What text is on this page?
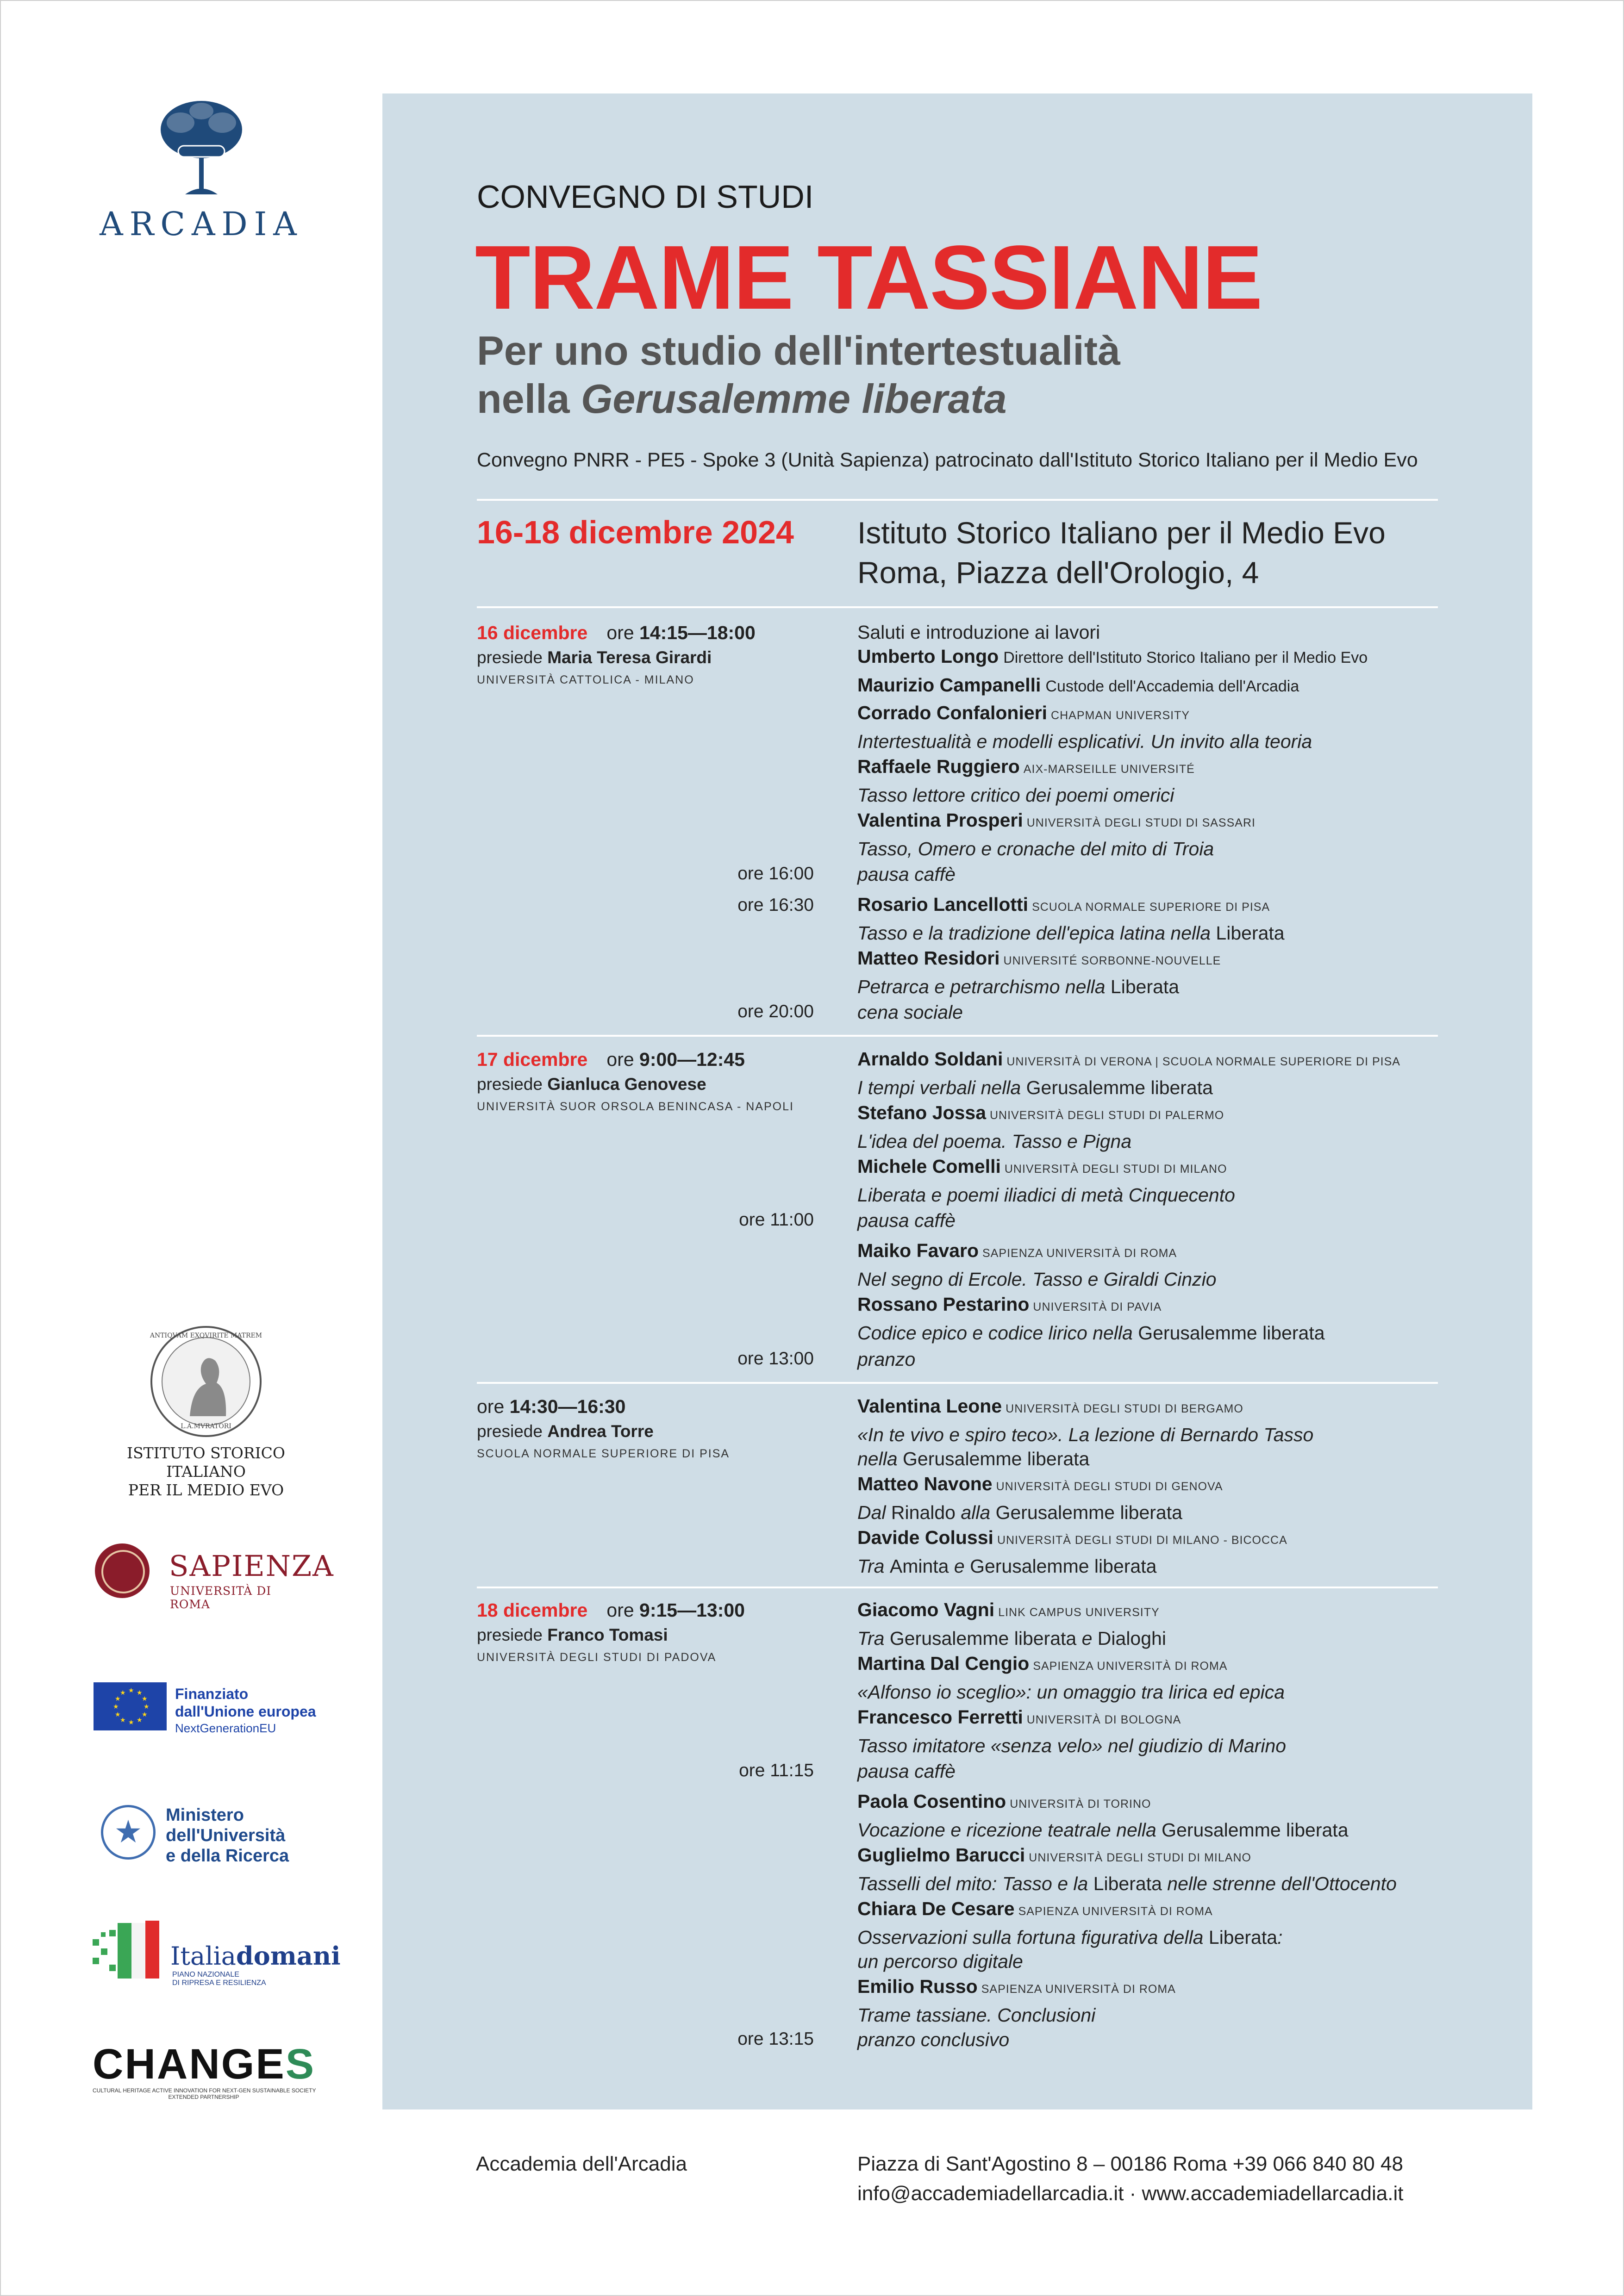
ARCADIA
ANTIQVAM EXQVIRITE MATREM
L.A.MVRATORI
ISTITUTO STORICO ITALIANO
PER IL MEDIO EVO
SAPIENZA
UNIVERSITÀ DI ROMA
★ ★
★
★
★
★
★
★
★
★
★
★	Finanziato
dall'Unione europea
NextGenerationEU
★
Ministero
dell'Università
e della Ricerca
Italiadomani
PIANO NAZIONALE
DI RIPRESA E RESILIENZA
CHANGES
CULTURAL HERITAGE ACTIVE INNOVATION FOR NEXT-GEN SUSTAINABLE SOCIETY
EXTENDED PARTNERSHIP
CONVEGNO DI STUDI
TRAME TASSIANE
Per uno studio dell'intertestualità
nella Gerusalemme liberata
Convegno PNRR - PE5 - Spoke 3 (Unità Sapienza) patrocinato dall'Istituto Storico Italiano per il Medio Evo
16-18 dicembre 2024 Istituto Storico Italiano per il Medio Evo
Roma, Piazza dell'Orologio, 4
16 dicembre ore 14:15—18:00
presiede Maria Teresa Girardi
UNIVERSITÀ CATTOLICA - MILANO
Saluti e introduzione ai lavori
Umberto Longo Direttore dell'Istituto Storico Italiano per il Medio Evo
Maurizio Campanelli Custode dell'Accademia dell'Arcadia
Corrado Confalonieri CHAPMAN UNIVERSITY
Intertestualità e modelli esplicativi. Un invito alla teoria
Raffaele Ruggiero AIX-MARSEILLE UNIVERSITÉ
Tasso lettore critico dei poemi omerici
Valentina Prosperi UNIVERSITÀ DEGLI STUDI DI SASSARI
Tasso, Omero e cronache del mito di Troia
ore 16:00 pausa caffè
ore 16:30 Rosario Lancellotti SCUOLA NORMALE SUPERIORE DI PISA
Tasso e la tradizione dell'epica latina nella Liberata
Matteo Residori UNIVERSITÉ SORBONNE-NOUVELLE
Petrarca e petrarchismo nella Liberata
ore 20:00 cena sociale
17 dicembre ore 9:00—12:45
presiede Gianluca Genovese
UNIVERSITÀ SUOR ORSOLA BENINCASA - NAPOLI
Arnaldo Soldani UNIVERSITÀ DI VERONA | SCUOLA NORMALE SUPERIORE DI PISA
I tempi verbali nella Gerusalemme liberata
Stefano Jossa UNIVERSITÀ DEGLI STUDI DI PALERMO
L'idea del poema. Tasso e Pigna
Michele Comelli UNIVERSITÀ DEGLI STUDI DI MILANO
Liberata e poemi iliadici di metà Cinquecento
ore 11:00 pausa caffè
Maiko Favaro SAPIENZA UNIVERSITÀ DI ROMA
Nel segno di Ercole. Tasso e Giraldi Cinzio
Rossano Pestarino UNIVERSITÀ DI PAVIA
Codice epico e codice lirico nella Gerusalemme liberata
ore 13:00 pranzo
ore 14:30—16:30
presiede Andrea Torre
SCUOLA NORMALE SUPERIORE DI PISA
Valentina Leone UNIVERSITÀ DEGLI STUDI DI BERGAMO
«In te vivo e spiro teco». La lezione di Bernardo Tasso
nella Gerusalemme liberata
Matteo Navone UNIVERSITÀ DEGLI STUDI DI GENOVA
Dal Rinaldo alla Gerusalemme liberata
Davide Colussi UNIVERSITÀ DEGLI STUDI DI MILANO - BICOCCA
Tra Aminta e Gerusalemme liberata
18 dicembre ore 9:15—13:00
presiede Franco Tomasi
UNIVERSITÀ DEGLI STUDI DI PADOVA
Giacomo Vagni LINK CAMPUS UNIVERSITY
Tra Gerusalemme liberata e Dialoghi
Martina Dal Cengio SAPIENZA UNIVERSITÀ DI ROMA
«Alfonso io sceglio»: un omaggio tra lirica ed epica
Francesco Ferretti UNIVERSITÀ DI BOLOGNA
Tasso imitatore «senza velo» nel giudizio di Marino
ore 11:15 pausa caffè
Paola Cosentino UNIVERSITÀ DI TORINO
Vocazione e ricezione teatrale nella Gerusalemme liberata
Guglielmo Barucci UNIVERSITÀ DEGLI STUDI DI MILANO
Tasselli del mito: Tasso e la Liberata nelle strenne dell'Ottocento
Chiara De Cesare SAPIENZA UNIVERSITÀ DI ROMA
Osservazioni sulla fortuna figurativa della Liberata:
un percorso digitale
Emilio Russo SAPIENZA UNIVERSITÀ DI ROMA
Trame tassiane. Conclusioni
ore 13:15 pranzo conclusivo
Accademia dell'Arcadia	Piazza di Sant'Agostino 8 – 00186 Roma +39 066 840 80 48
info@accademiadellarcadia.it · www.accademiadellarcadia.it
